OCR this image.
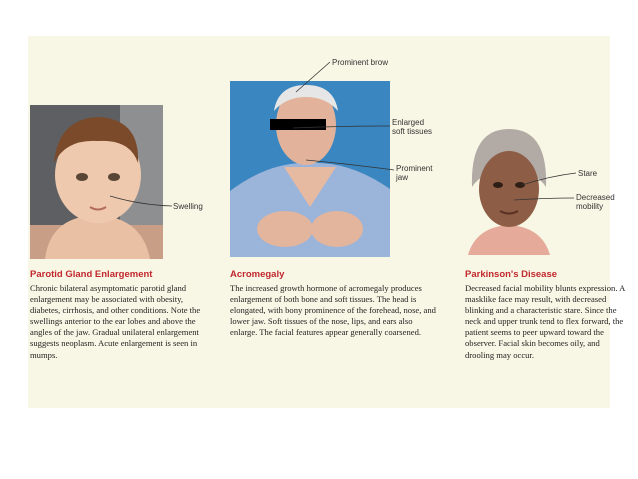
Swelling
Prominent brow
Enlarged
soft tissues
Prominent
jaw	Stare
Decreased
mobility
Parotid Gland Enlargement	Acromegaly	Parkinson's Disease

Chronic bilateral asymptomatic parotid gland enlargement may be associated with obesity, diabetes, cirrhosis, and other conditions. Note the swellings anterior to the ear lobes and above the angles of the jaw. Gradual unilateral enlargement suggests neoplasm. Acute enlargement is seen in mumps.

The increased growth hormone of acromegaly produces enlargement of both bone and soft tissues. The head is elongated, with bony prominence of the forehead, nose, and lower jaw. Soft tissues of the nose, lips, and ears also enlarge. The facial features appear generally coarsened.

Decreased facial mobility blunts expression. A masklike face may result, with decreased blinking and a characteristic stare. Since the neck and upper trunk tend to flex forward, the patient seems to peer upward toward the observer. Facial skin becomes oily, and drooling may occur.
